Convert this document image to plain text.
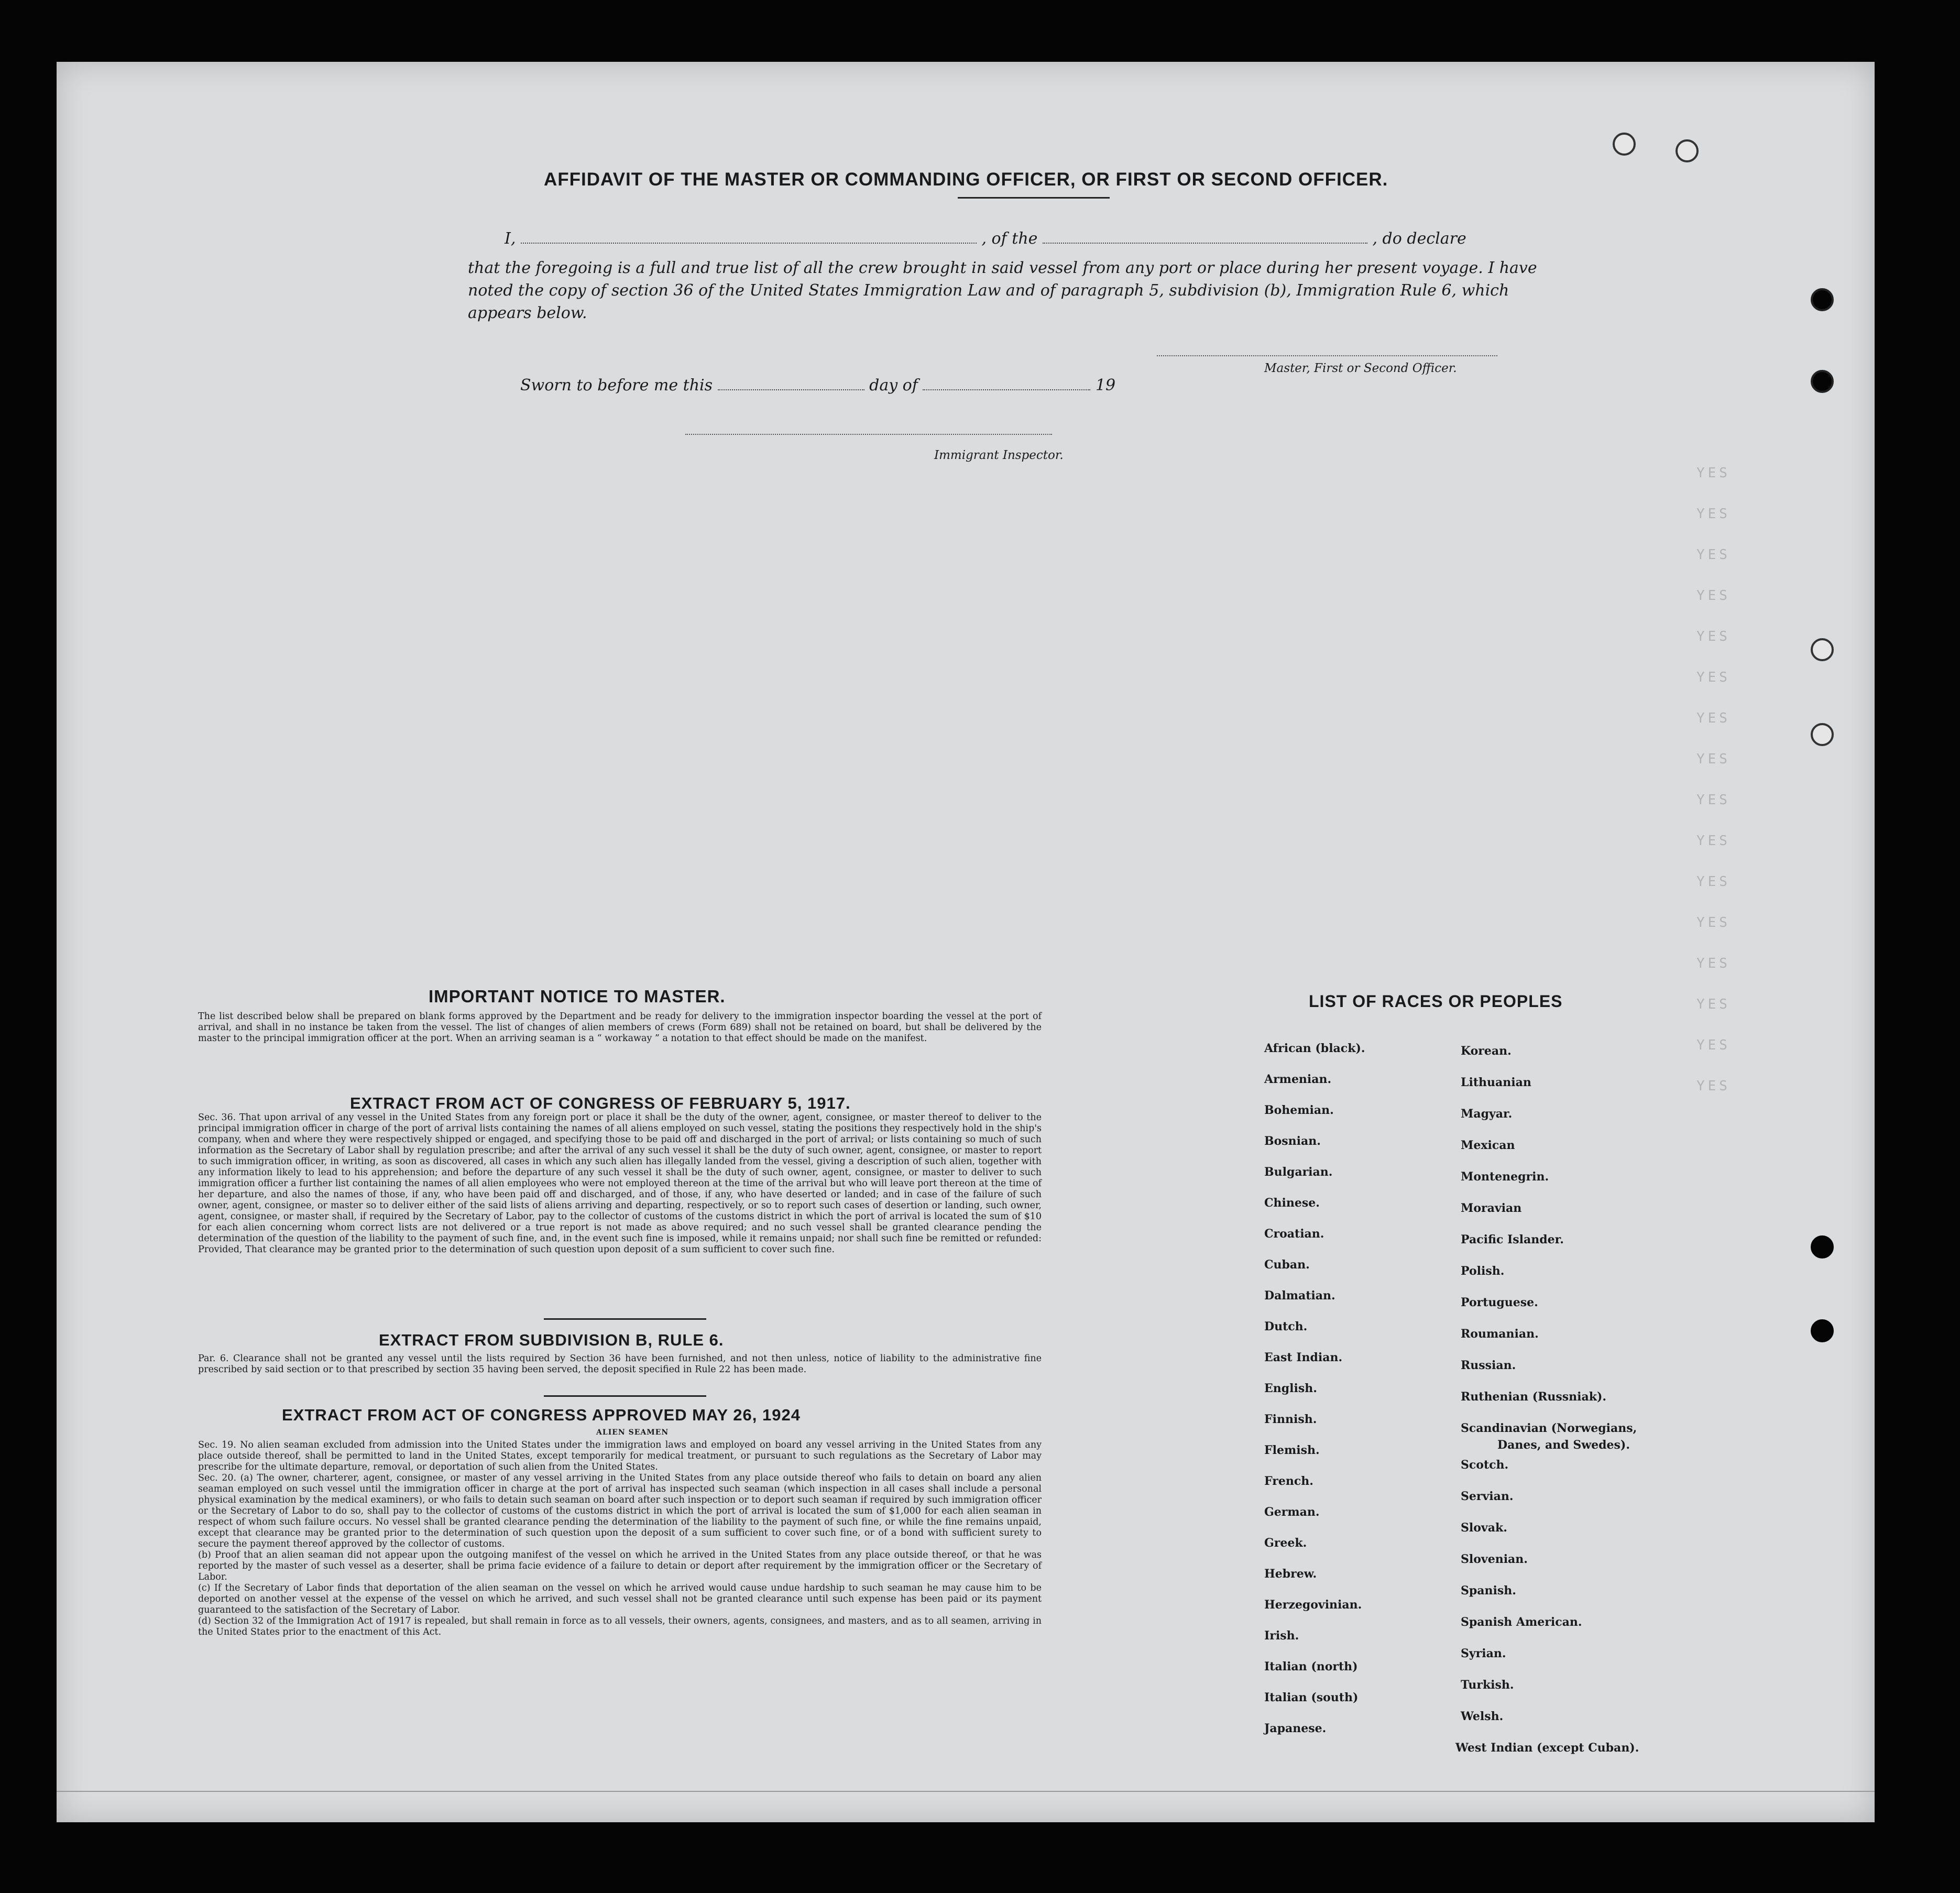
YES
YES
YES
YES
YES
YES
YES
YES
YES
YES
YES
YES
YES
YES
YES
YES
AFFIDAVIT OF THE MASTER OR COMMANDING OFFICER, OR FIRST OR SECOND OFFICER.
I,	, of the	, do declare
that the foregoing is a full and true list of all the crew brought in said vessel from any port or place during her present voyage. I have noted the copy of section 36 of the United States Immigration Law and of paragraph 5, subdivision (b), Immigration Rule 6, which appears below.
Master, First or Second Officer.
Sworn to before me this	day of	19
Immigrant Inspector.
IMPORTANT NOTICE TO MASTER.
The list described below shall be prepared on blank forms approved by the Department and be ready for delivery to the immigration inspector boarding the vessel at the port of arrival, and shall in no instance be taken from the vessel. The list of changes of alien members of crews (Form 689) shall not be retained on board, but shall be delivered by the master to the principal immigration officer at the port. When an arriving seaman is a “ workaway ” a notation to that effect should be made on the manifest.
EXTRACT FROM ACT OF CONGRESS OF FEBRUARY 5, 1917.
Sec. 36. That upon arrival of any vessel in the United States from any foreign port or place it shall be the duty of the owner, agent, consignee, or master thereof to deliver to the principal immigration officer in charge of the port of arrival lists containing the names of all aliens employed on such vessel, stating the positions they respectively hold in the ship's company, when and where they were respectively shipped or engaged, and specifying those to be paid off and discharged in the port of arrival; or lists containing so much of such information as the Secretary of Labor shall by regulation prescribe; and after the arrival of any such vessel it shall be the duty of such owner, agent, consignee, or master to report to such immigration officer, in writing, as soon as discovered, all cases in which any such alien has illegally landed from the vessel, giving a description of such alien, together with any information likely to lead to his apprehension; and before the departure of any such vessel it shall be the duty of such owner, agent, consignee, or master to deliver to such immigration officer a further list containing the names of all alien employees who were not employed thereon at the time of the arrival but who will leave port thereon at the time of her departure, and also the names of those, if any, who have been paid off and discharged, and of those, if any, who have deserted or landed; and in case of the failure of such owner, agent, consignee, or master so to deliver either of the said lists of aliens arriving and departing, respectively, or so to report such cases of desertion or landing, such owner, agent, consignee, or master shall, if required by the Secretary of Labor, pay to the collector of customs of the customs district in which the port of arrival is located the sum of $10 for each alien concerning whom correct lists are not delivered or a true report is not made as above required; and no such vessel shall be granted clearance pending the determination of the question of the liability to the payment of such fine, and, in the event such fine is imposed, while it remains unpaid; nor shall such fine be remitted or refunded: Provided, That clearance may be granted prior to the determination of such question upon deposit of a sum sufficient to cover such fine.
EXTRACT FROM SUBDIVISION B, RULE 6.
Par. 6. Clearance shall not be granted any vessel until the lists required by Section 36 have been furnished, and not then unless, notice of liability to the administrative fine prescribed by said section or to that prescribed by section 35 having been served, the deposit specified in Rule 22 has been made.
EXTRACT FROM ACT OF CONGRESS APPROVED MAY 26, 1924
ALIEN SEAMEN
Sec. 19. No alien seaman excluded from admission into the United States under the immigration laws and employed on board any vessel arriving in the United States from any place outside thereof, shall be permitted to land in the United States, except temporarily for medical treatment, or pursuant to such regulations as the Secretary of Labor may prescribe for the ultimate departure, removal, or deportation of such alien from the United States.
Sec. 20. (a) The owner, charterer, agent, consignee, or master of any vessel arriving in the United States from any place outside thereof who fails to detain on board any alien seaman employed on such vessel until the immigration officer in charge at the port of arrival has inspected such seaman (which inspection in all cases shall include a personal physical examination by the medical examiners), or who fails to detain such seaman on board after such inspection or to deport such seaman if required by such immigration officer or the Secretary of Labor to do so, shall pay to the collector of customs of the customs district in which the port of arrival is located the sum of $1,000 for each alien seaman in respect of whom such failure occurs. No vessel shall be granted clearance pending the determination of the liability to the payment of such fine, or while the fine remains unpaid, except that clearance may be granted prior to the determination of such question upon the deposit of a sum sufficient to cover such fine, or of a bond with sufficient surety to secure the payment thereof approved by the collector of customs.
(b) Proof that an alien seaman did not appear upon the outgoing manifest of the vessel on which he arrived in the United States from any place outside thereof, or that he was reported by the master of such vessel as a deserter, shall be prima facie evidence of a failure to detain or deport after requirement by the immigration officer or the Secretary of Labor.
(c) If the Secretary of Labor finds that deportation of the alien seaman on the vessel on which he arrived would cause undue hardship to such seaman he may cause him to be deported on another vessel at the expense of the vessel on which he arrived, and such vessel shall not be granted clearance until such expense has been paid or its payment guaranteed to the satisfaction of the Secretary of Labor.
(d) Section 32 of the Immigration Act of 1917 is repealed, but shall remain in force as to all vessels, their owners, agents, consignees, and masters, and as to all seamen, arriving in the United States prior to the enactment of this Act.
LIST OF RACES OR PEOPLES
African (black).
Armenian.
Bohemian.
Bosnian.
Bulgarian.
Chinese.
Croatian.
Cuban.
Dalmatian.
Dutch.
East Indian.
English.
Finnish.
Flemish.
French.
German.
Greek.
Hebrew.
Herzegovinian.
Irish.
Italian (north)
Italian (south)
Japanese.
Korean.
Lithuanian
Magyar.
Mexican
Montenegrin.
Moravian
Pacific Islander.
Polish.
Portuguese.
Roumanian.
Russian.
Ruthenian (Russniak).
Scandinavian (Norwegians,
Danes, and Swedes).
Scotch.
Servian.
Slovak.
Slovenian.
Spanish.
Spanish American.
Syrian.
Turkish.
Welsh.
West Indian (except Cuban).
